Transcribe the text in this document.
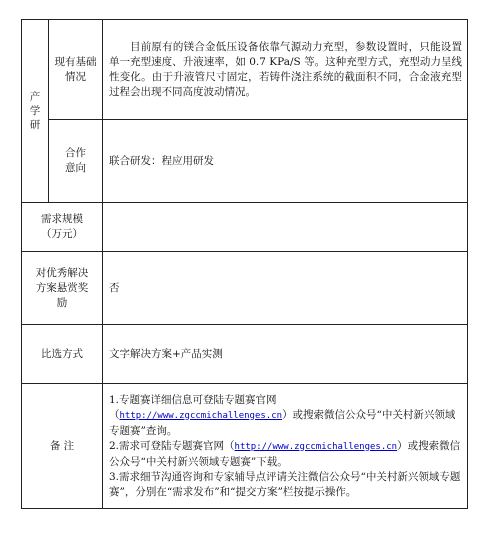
产
学
研	现有基础情况	目前原有的镁合金低压设备依靠气源动力充型，参数设置时，只能设置单一充型速度、升液速率，如 0.7 KPa/S 等。这种充型方式，充型动力呈线性变化。由于升液管尺寸固定，若铸件浇注系统的截面积不同，合金液充型过程会出现不同高度波动情况。

	合作意向	联合研发：程应用研发
需求规模（万元）		
对优秀解决方案悬赏奖励		否
比选方式		文字解决方案+产品实测
备 注		1.专题赛详细信息可登陆专题赛官网
（http://www.zgccmichallenges.cn）或搜索微信公众号“中关村新兴领域专题赛”查询。
2.需求可登陆专题赛官网（http://www.zgccmichallenges.cn）或搜索微信公众号“中关村新兴领域专题赛”下载。
3.需求细节沟通咨询和专家辅导点评请关注微信公众号“中关村新兴领域专题赛”，分别在“需求发布”和“提交方案”栏按提示操作。
